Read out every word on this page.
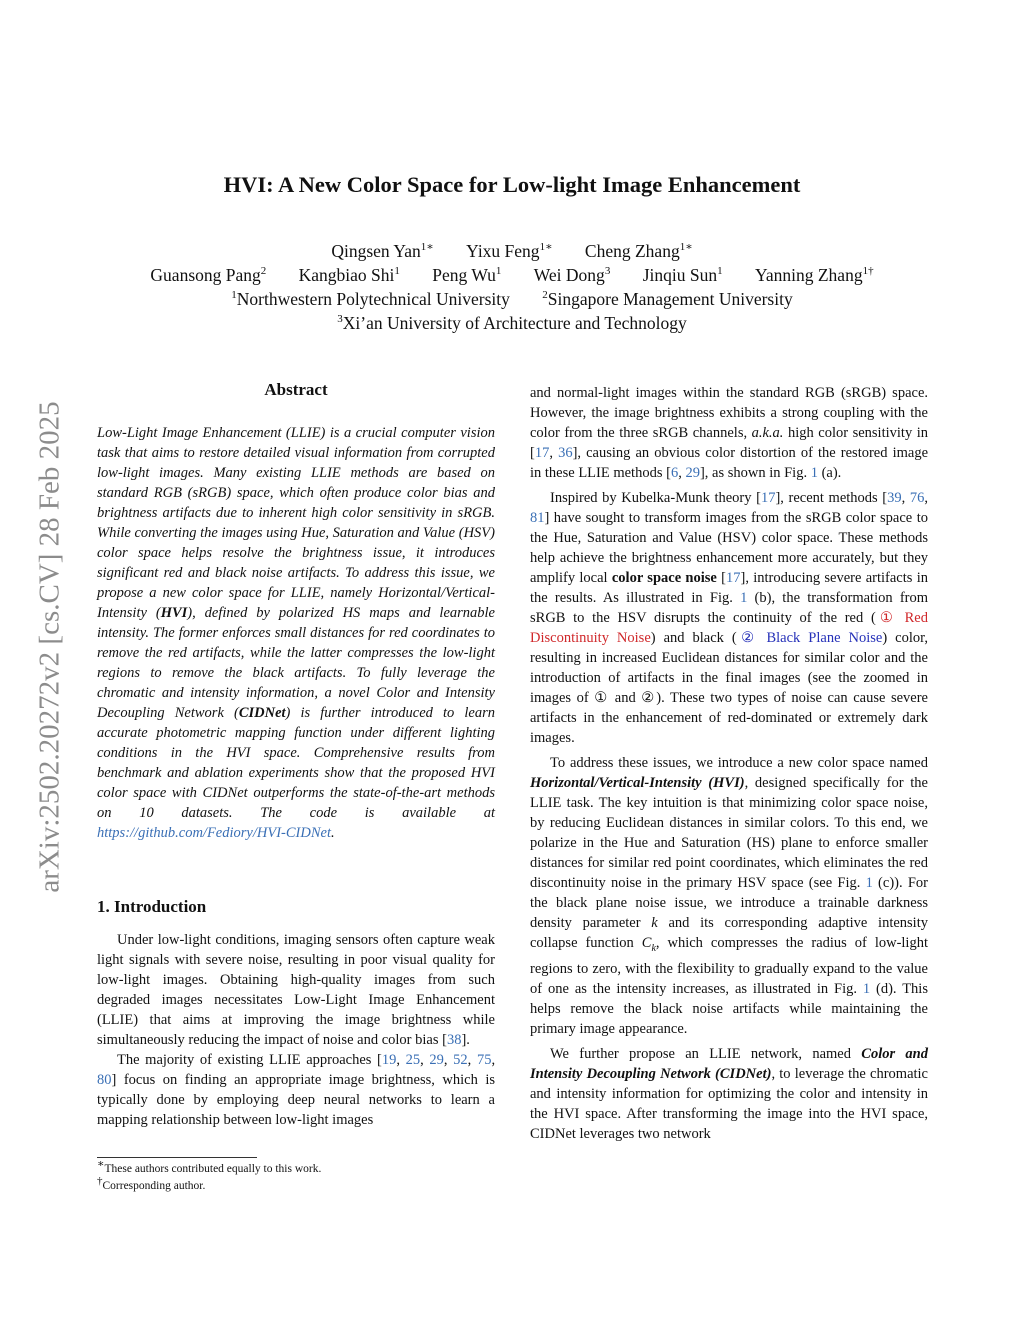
HVI: A New Color Space for Low-light Image Enhancement
Qingsen Yan$^{1∗}$ Yixu Feng$^{1∗}$ Cheng Zhang$^{1∗}$
Guansong Pang$^2$ Kangbiao Shi$^1$ Peng Wu$^1$ Wei Dong$^3$ Jinqiu Sun$^1$ Yanning Zhang$^{1\dagger}$
$^1$Northwestern Polytechnical University	$^2$Singapore Management University
$^3$Xi’an University of Architecture and Technology
arXiv:2502.20272v2 [cs.CV] 28 Feb 2025
Abstract

Low-Light Image Enhancement (LLIE) is a crucial computer vision task that aims to restore detailed visual information from corrupted low-light images. Many existing LLIE methods are based on standard RGB (sRGB) space, which often produce color bias and brightness artifacts due to inherent high color sensitivity in sRGB. While converting the images using Hue, Saturation and Value (HSV) color space helps resolve the brightness issue, it introduces significant red and black noise artifacts. To address this issue, we propose a new color space for LLIE, namely Horizontal/Vertical-Intensity (HVI), defined by polarized HS maps and learnable intensity. The former enforces small distances for red coordinates to remove the red artifacts, while the latter compresses the low-light regions to remove the black artifacts. To fully leverage the chromatic and intensity information, a novel Color and Intensity Decoupling Network (CIDNet) is further introduced to learn accurate photometric mapping function under different lighting conditions in the HVI space. Comprehensive results from benchmark and ablation experiments show that the proposed HVI color space with CIDNet outperforms the state-of-the-art methods on 10 datasets. The code is available at https://github.com/Fediory/HVI-CIDNet.

1. Introduction

Under low-light conditions, imaging sensors often capture weak light signals with severe noise, resulting in poor visual quality for low-light images. Obtaining high-quality images from such degraded images necessitates Low-Light Image Enhancement (LLIE) that aims at improving the image brightness while simultaneously reducing the impact of noise and color bias [38].

The majority of existing LLIE approaches [19, 25, 29, 52, 75, 80] focus on finding an appropriate image brightness, which is typically done by employing deep neural networks to learn a mapping relationship between low-light images

∗These authors contributed equally to this work.
†Corresponding author.

and normal-light images within the standard RGB (sRGB) space. However, the image brightness exhibits a strong coupling with the color from the three sRGB channels, a.k.a. high color sensitivity in [17, 36], causing an obvious color distortion of the restored image in these LLIE methods [6, 29], as shown in Fig. 1 (a).

Inspired by Kubelka-Munk theory [17], recent methods [39, 76, 81] have sought to transform images from the sRGB color space to the Hue, Saturation and Value (HSV) color space. These methods help achieve the brightness enhancement more accurately, but they amplify local color space noise [17], introducing severe artifacts in the results. As illustrated in Fig. 1 (b), the transformation from sRGB to the HSV disrupts the continuity of the red (① Red Discontinuity Noise) and black (② Black Plane Noise) color, resulting in increased Euclidean distances for similar color and the introduction of artifacts in the final images (see the zoomed in images of ① and ②). These two types of noise can cause severe artifacts in the enhancement of red-dominated or extremely dark images.

To address these issues, we introduce a new color space named Horizontal/Vertical-Intensity (HVI), designed specifically for the LLIE task. The key intuition is that minimizing color space noise, by reducing Euclidean distances in similar colors. To this end, we polarize in the Hue and Saturation (HS) plane to enforce smaller distances for similar red point coordinates, which eliminates the red discontinuity noise in the primary HSV space (see Fig. 1 (c)). For the black plane noise issue, we introduce a trainable darkness density parameter k and its corresponding adaptive intensity collapse function $C_k$, which compresses the radius of low-light regions to zero, with the flexibility to gradually expand to the value of one as the intensity increases, as illustrated in Fig. 1 (d). This helps remove the black noise artifacts while maintaining the primary image appearance.

We further propose an LLIE network, named Color and Intensity Decoupling Network (CIDNet), to leverage the chromatic and intensity information for optimizing the color and intensity in the HVI space. After transforming the image into the HVI space, CIDNet leverages two network
